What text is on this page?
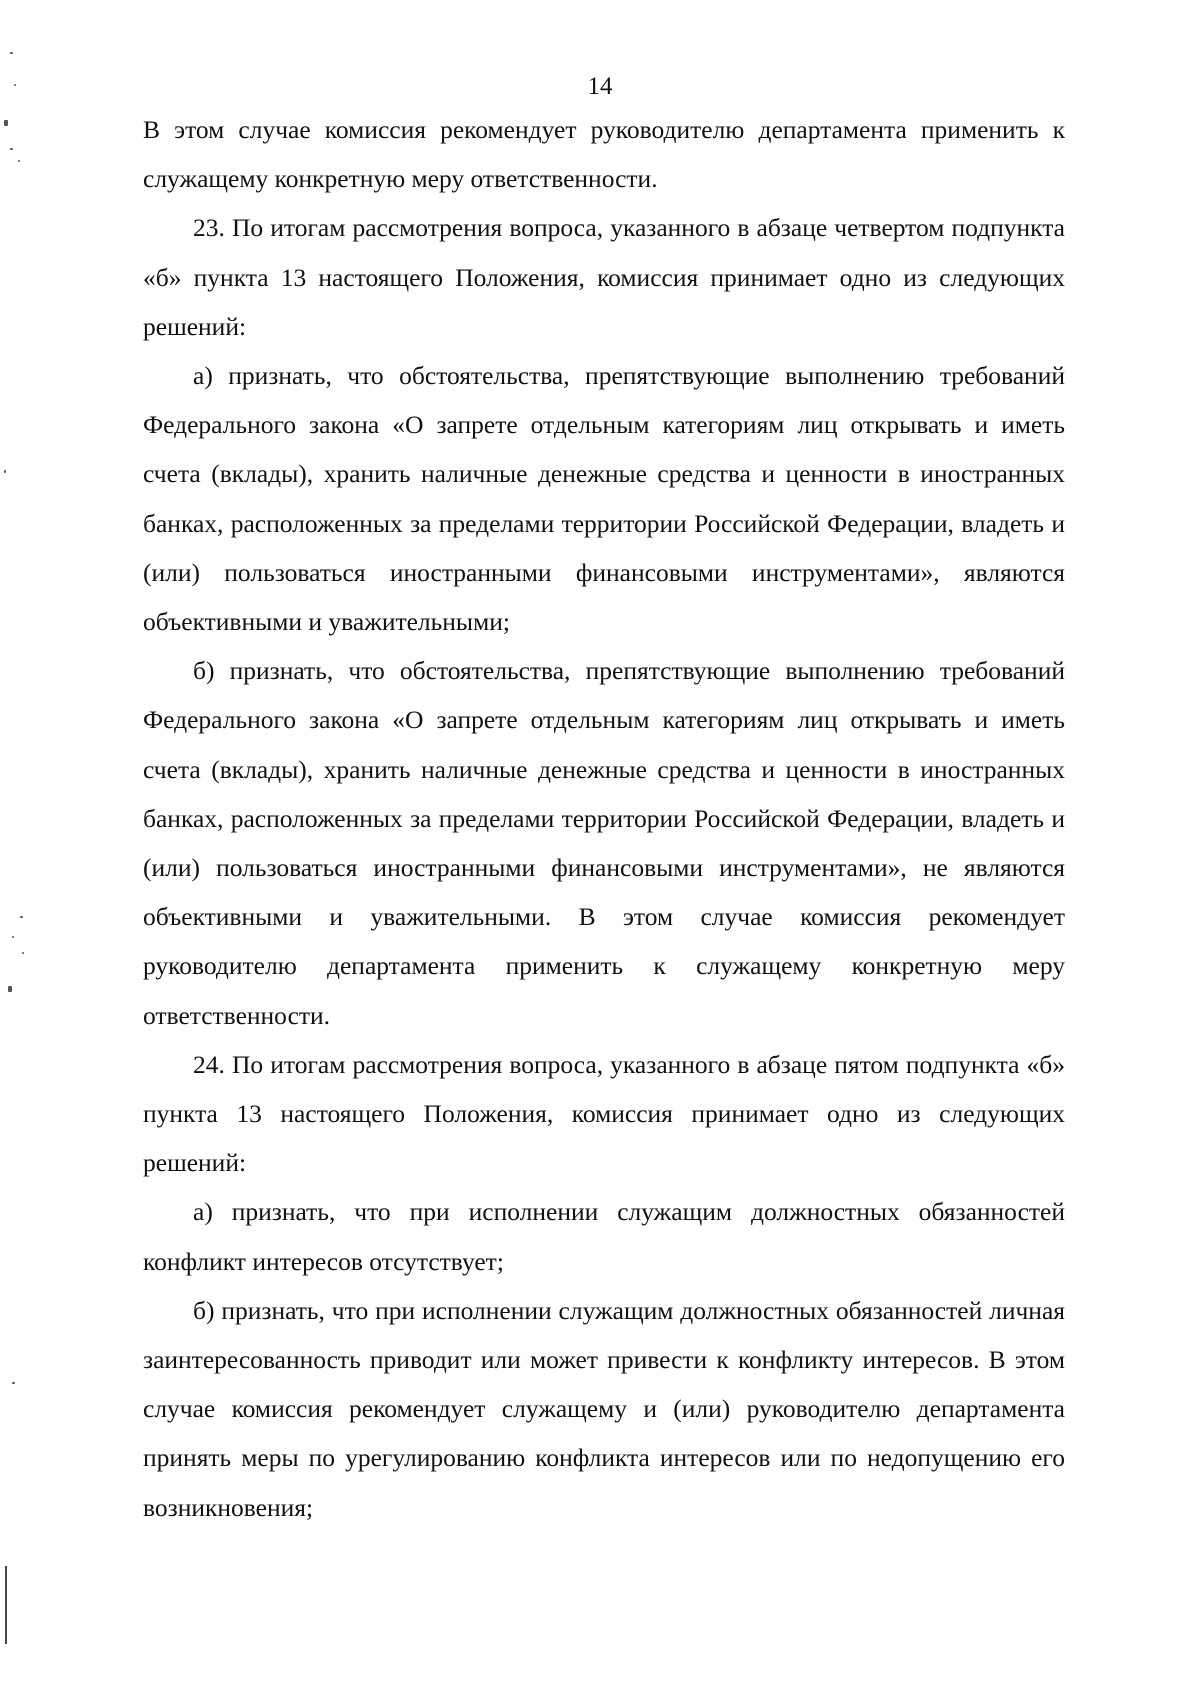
14

В этом случае комиссия рекомендует руководителю департамента применить к служащему конкретную меру ответственности.

23. По итогам рассмотрения вопроса, указанного в абзаце четвертом подпункта «б» пункта 13 настоящего Положения, комиссия принимает одно из следующих решений:

а) признать, что обстоятельства, препятствующие выполнению требований Федерального закона «О запрете отдельным категориям лиц открывать и иметь счета (вклады), хранить наличные денежные средства и ценности в иностранных банках, расположенных за пределами территории Российской Федерации, владеть и (или) пользоваться иностранными финансовыми инструментами», являются объективными и уважительными;

б) признать, что обстоятельства, препятствующие выполнению требований Федерального закона «О запрете отдельным категориям лиц открывать и иметь счета (вклады), хранить наличные денежные средства и ценности в иностранных банках, расположенных за пределами территории Российской Федерации, владеть и (или) пользоваться иностранными финансовыми инструментами», не являются объективными и уважительными. В этом случае комиссия рекомендует руководителю департамента применить к служащему конкретную меру ответственности.

24. По итогам рассмотрения вопроса, указанного в абзаце пятом подпункта «б» пункта 13 настоящего Положения, комиссия принимает одно из следующих решений:

а) признать, что при исполнении служащим должностных обязанностей конфликт интересов отсутствует;

б) признать, что при исполнении служащим должностных обязанностей личная заинтересованность приводит или может привести к конфликту интересов. В этом случае комиссия рекомендует служащему и (или) руководителю департамента принять меры по урегулированию конфликта интересов или по недопущению его возникновения;
